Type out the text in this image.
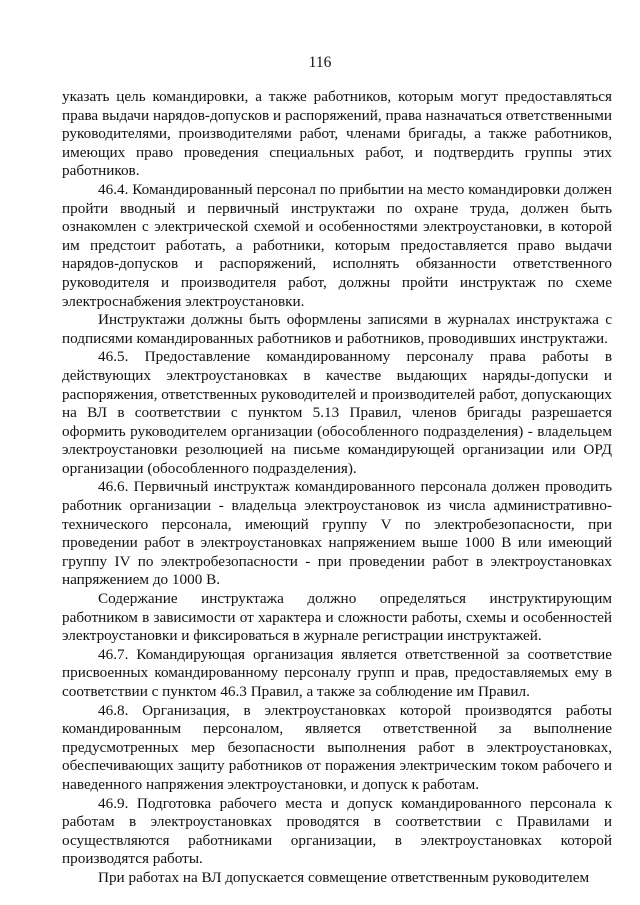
116

указать цель командировки, а также работников, которым могут предоставляться права выдачи нарядов-допусков и распоряжений, права назначаться ответственными руководителями, производителями работ, членами бригады, а также работников, имеющих право проведения специальных работ, и подтвердить группы этих работников.

46.4. Командированный персонал по прибытии на место командировки должен пройти вводный и первичный инструктажи по охране труда, должен быть ознакомлен с электрической схемой и особенностями электроустановки, в которой им предстоит работать, а работники, которым предоставляется право выдачи нарядов-допусков и распоряжений, исполнять обязанности ответственного руководителя и производителя работ, должны пройти инструктаж по схеме электроснабжения электроустановки.

Инструктажи должны быть оформлены записями в журналах инструктажа с подписями командированных работников и работников, проводивших инструктажи.

46.5. Предоставление командированному персоналу права работы в действующих электроустановках в качестве выдающих наряды-допуски и распоряжения, ответственных руководителей и производителей работ, допускающих на ВЛ в соответствии с пунктом 5.13 Правил, членов бригады разрешается оформить руководителем организации (обособленного подразделения) - владельцем электроустановки резолюцией на письме командирующей организации или ОРД организации (обособленного подразделения).

46.6. Первичный инструктаж командированного персонала должен проводить работник организации - владельца электроустановок из числа административно-технического персонала, имеющий группу V по электробезопасности, при проведении работ в электроустановках напряжением выше 1000 В или имеющий группу IV по электробезопасности - при проведении работ в электроустановках напряжением до 1000 В.

Содержание инструктажа должно определяться инструктирующим работником в зависимости от характера и сложности работы, схемы и особенностей электроустановки и фиксироваться в журнале регистрации инструктажей.

46.7. Командирующая организация является ответственной за соответствие присвоенных командированному персоналу групп и прав, предоставляемых ему в соответствии с пунктом 46.3 Правил, а также за соблюдение им Правил.

46.8. Организация, в электроустановках которой производятся работы командированным персоналом, является ответственной за выполнение предусмотренных мер безопасности выполнения работ в электроустановках, обеспечивающих защиту работников от поражения электрическим током рабочего и наведенного напряжения электроустановки, и допуск к работам.

46.9. Подготовка рабочего места и допуск командированного персонала к работам в электроустановках проводятся в соответствии с Правилами и осуществляются работниками организации, в электроустановках которой производятся работы.

При работах на ВЛ допускается совмещение ответственным руководителем
